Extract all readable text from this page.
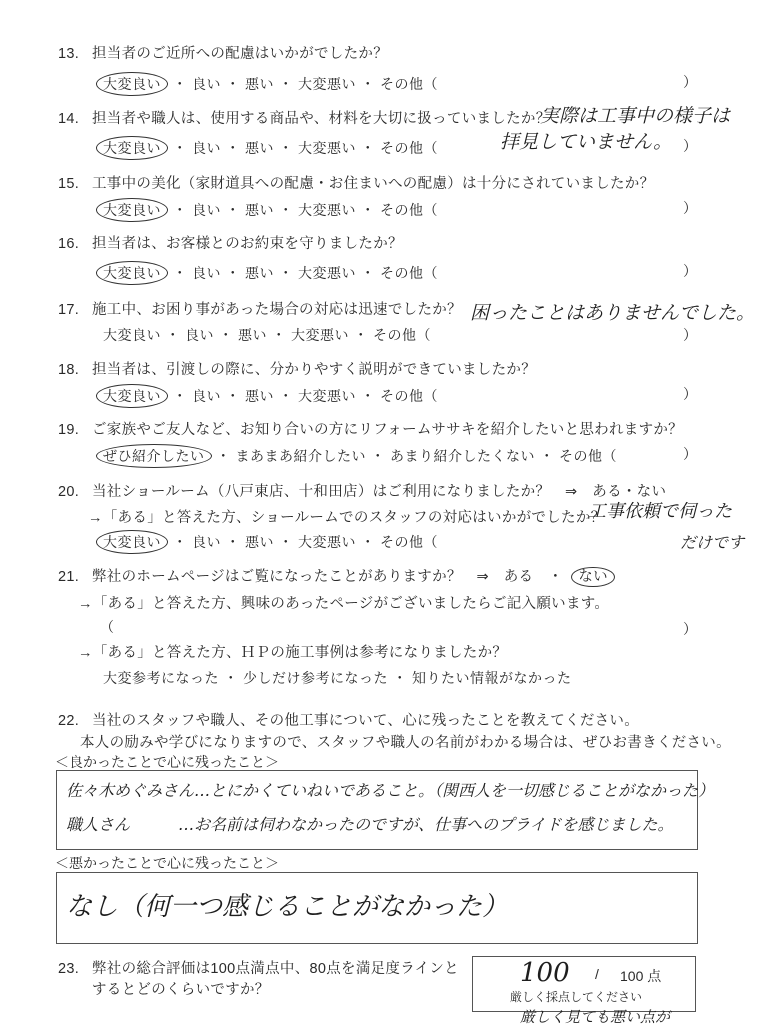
13. 担当者のご近所への配慮はいかがでしたか？
大変良い ・ 良い ・ 悪い ・ 大変悪い ・ その他（	）
14. 担当者や職人は、使用する商品や、材料を大切に扱っていましたか？
実際は工事中の様子は
拝見していません。
大変良い ・ 良い ・ 悪い ・ 大変悪い ・ その他（	）
15. 工事中の美化（家財道具への配慮・お住まいへの配慮）は十分にされていましたか？
大変良い ・ 良い ・ 悪い ・ 大変悪い ・ その他（	）
16. 担当者は、お客様とのお約束を守りましたか？
大変良い ・ 良い ・ 悪い ・ 大変悪い ・ その他（	）
17. 施工中、お困り事があった場合の対応は迅速でしたか？ 困ったことはありませんでした。
大変良い ・ 良い ・ 悪い ・ 大変悪い ・ その他（	）
18. 担当者は、引渡しの際に、分かりやすく説明ができていましたか？
大変良い ・ 良い ・ 悪い ・ 大変悪い ・ その他（	）
19. ご家族やご友人など、お知り合いの方にリフォームササキを紹介したいと思われますか？
ぜひ紹介したい ・ まあまあ紹介したい ・ あまり紹介したくない ・ その他（	）
20. 当社ショールーム（八戸東店、十和田店）はご利用になりましたか？　⇒　ある・ない
→「ある」と答えた方、ショールームでのスタッフの対応はいかがでしたか？
工事依頼で伺った
だけです
大変良い ・ 良い ・ 悪い ・ 大変悪い ・ その他（
21. 弊社のホームページはご覧になったことがありますか？　⇒　ある　・ ない
→「ある」と答えた方、興味のあったページがございましたらご記入願います。
（	）
→「ある」と答えた方、ＨＰの施工事例は参考になりましたか？
大変参考になった ・ 少しだけ参考になった ・ 知りたい情報がなかった
22. 当社のスタッフや職人、その他工事について、心に残ったことを教えてください。
本人の励みや学びになりますので、スタッフや職人の名前がわかる場合は、ぜひお書きください。
＜良かったことで心に残ったこと＞
佐々木めぐみさん…とにかくていねいであること。（関西人を一切感じることがなかった）
職人さん　　　…お名前は伺わなかったのですが、仕事へのプライドを感じました。
＜悪かったことで心に残ったこと＞
なし（何一つ感じることがなかった）
23. 弊社の総合評価は100点満点中、80点を満足度ラインと
するとどのくらいですか？
100 / 100 点
厳しく採点してください
厳しく見ても悪い点が
